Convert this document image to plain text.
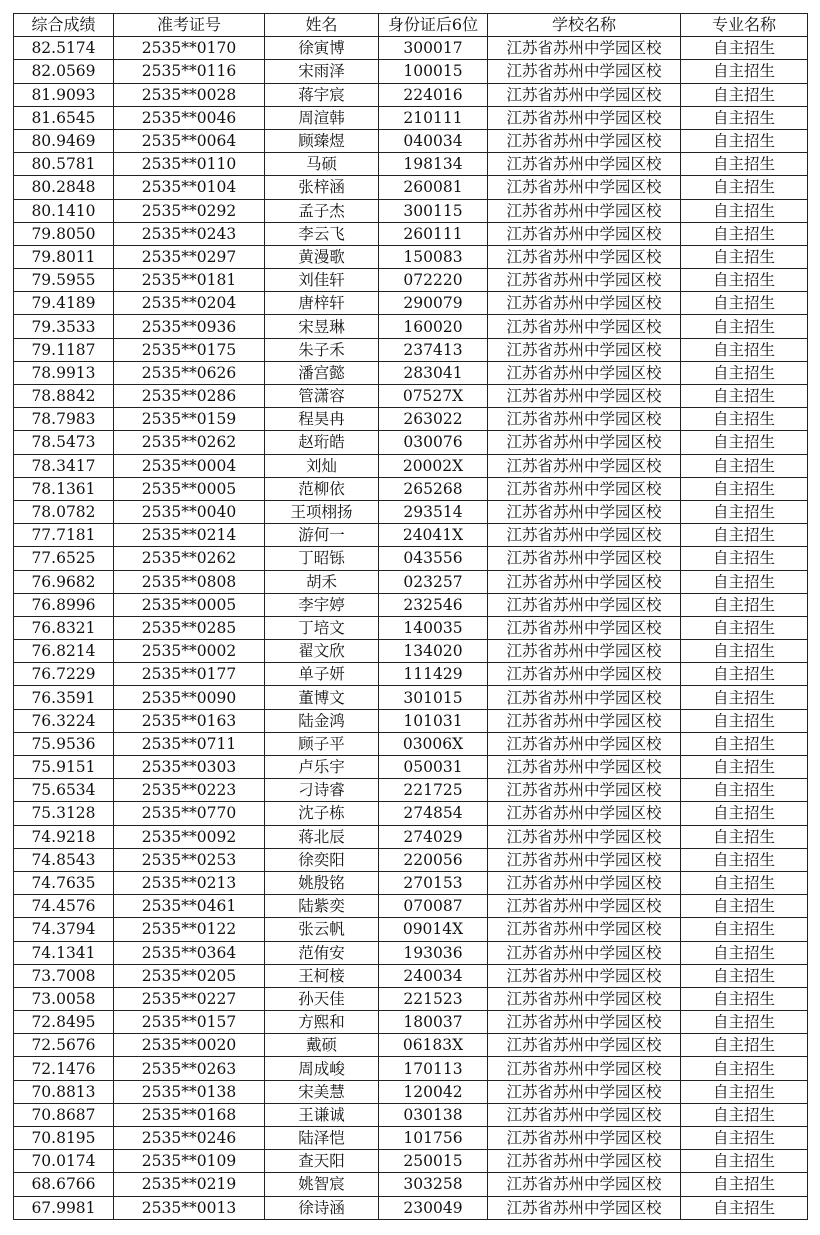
综合成绩	准考证号	姓名	身份证后6位	学校名称	专业名称
82.5174	2535**0170	徐寅博	300017	江苏省苏州中学园区校	自主招生
82.0569	2535**0116	宋雨泽	100015	江苏省苏州中学园区校	自主招生
81.9093	2535**0028	蒋宇宸	224016	江苏省苏州中学园区校	自主招生
81.6545	2535**0046	周渲韩	210111	江苏省苏州中学园区校	自主招生
80.9469	2535**0064	顾臻煜	040034	江苏省苏州中学园区校	自主招生
80.5781	2535**0110	马硕	198134	江苏省苏州中学园区校	自主招生
80.2848	2535**0104	张梓涵	260081	江苏省苏州中学园区校	自主招生
80.1410	2535**0292	孟子杰	300115	江苏省苏州中学园区校	自主招生
79.8050	2535**0243	李云飞	260111	江苏省苏州中学园区校	自主招生
79.8011	2535**0297	黄漫歌	150083	江苏省苏州中学园区校	自主招生
79.5955	2535**0181	刘佳轩	072220	江苏省苏州中学园区校	自主招生
79.4189	2535**0204	唐梓轩	290079	江苏省苏州中学园区校	自主招生
79.3533	2535**0936	宋昱琳	160020	江苏省苏州中学园区校	自主招生
79.1187	2535**0175	朱子禾	237413	江苏省苏州中学园区校	自主招生
78.9913	2535**0626	潘宫懿	283041	江苏省苏州中学园区校	自主招生
78.8842	2535**0286	管潇容	07527X	江苏省苏州中学园区校	自主招生
78.7983	2535**0159	程昊冉	263022	江苏省苏州中学园区校	自主招生
78.5473	2535**0262	赵珩皓	030076	江苏省苏州中学园区校	自主招生
78.3417	2535**0004	刘灿	20002X	江苏省苏州中学园区校	自主招生
78.1361	2535**0005	范柳依	265268	江苏省苏州中学园区校	自主招生
78.0782	2535**0040	王项栩扬	293514	江苏省苏州中学园区校	自主招生
77.7181	2535**0214	游何一	24041X	江苏省苏州中学园区校	自主招生
77.6525	2535**0262	丁昭铄	043556	江苏省苏州中学园区校	自主招生
76.9682	2535**0808	胡禾	023257	江苏省苏州中学园区校	自主招生
76.8996	2535**0005	李宇婷	232546	江苏省苏州中学园区校	自主招生
76.8321	2535**0285	丁培文	140035	江苏省苏州中学园区校	自主招生
76.8214	2535**0002	翟文欣	134020	江苏省苏州中学园区校	自主招生
76.7229	2535**0177	单子妍	111429	江苏省苏州中学园区校	自主招生
76.3591	2535**0090	董博文	301015	江苏省苏州中学园区校	自主招生
76.3224	2535**0163	陆金鸿	101031	江苏省苏州中学园区校	自主招生
75.9536	2535**0711	顾子平	03006X	江苏省苏州中学园区校	自主招生
75.9151	2535**0303	卢乐宇	050031	江苏省苏州中学园区校	自主招生
75.6534	2535**0223	刁诗睿	221725	江苏省苏州中学园区校	自主招生
75.3128	2535**0770	沈子栋	274854	江苏省苏州中学园区校	自主招生
74.9218	2535**0092	蒋北辰	274029	江苏省苏州中学园区校	自主招生
74.8543	2535**0253	徐奕阳	220056	江苏省苏州中学园区校	自主招生
74.7635	2535**0213	姚殷铭	270153	江苏省苏州中学园区校	自主招生
74.4576	2535**0461	陆紫奕	070087	江苏省苏州中学园区校	自主招生
74.3794	2535**0122	张云帆	09014X	江苏省苏州中学园区校	自主招生
74.1341	2535**0364	范侑安	193036	江苏省苏州中学园区校	自主招生
73.7008	2535**0205	王柯椄	240034	江苏省苏州中学园区校	自主招生
73.0058	2535**0227	孙天佳	221523	江苏省苏州中学园区校	自主招生
72.8495	2535**0157	方熙和	180037	江苏省苏州中学园区校	自主招生
72.5676	2535**0020	戴硕	06183X	江苏省苏州中学园区校	自主招生
72.1476	2535**0263	周成峻	170113	江苏省苏州中学园区校	自主招生
70.8813	2535**0138	宋美慧	120042	江苏省苏州中学园区校	自主招生
70.8687	2535**0168	王谦诚	030138	江苏省苏州中学园区校	自主招生
70.8195	2535**0246	陆泽恺	101756	江苏省苏州中学园区校	自主招生
70.0174	2535**0109	查天阳	250015	江苏省苏州中学园区校	自主招生
68.6766	2535**0219	姚智宸	303258	江苏省苏州中学园区校	自主招生
67.9981	2535**0013	徐诗涵	230049	江苏省苏州中学园区校	自主招生
